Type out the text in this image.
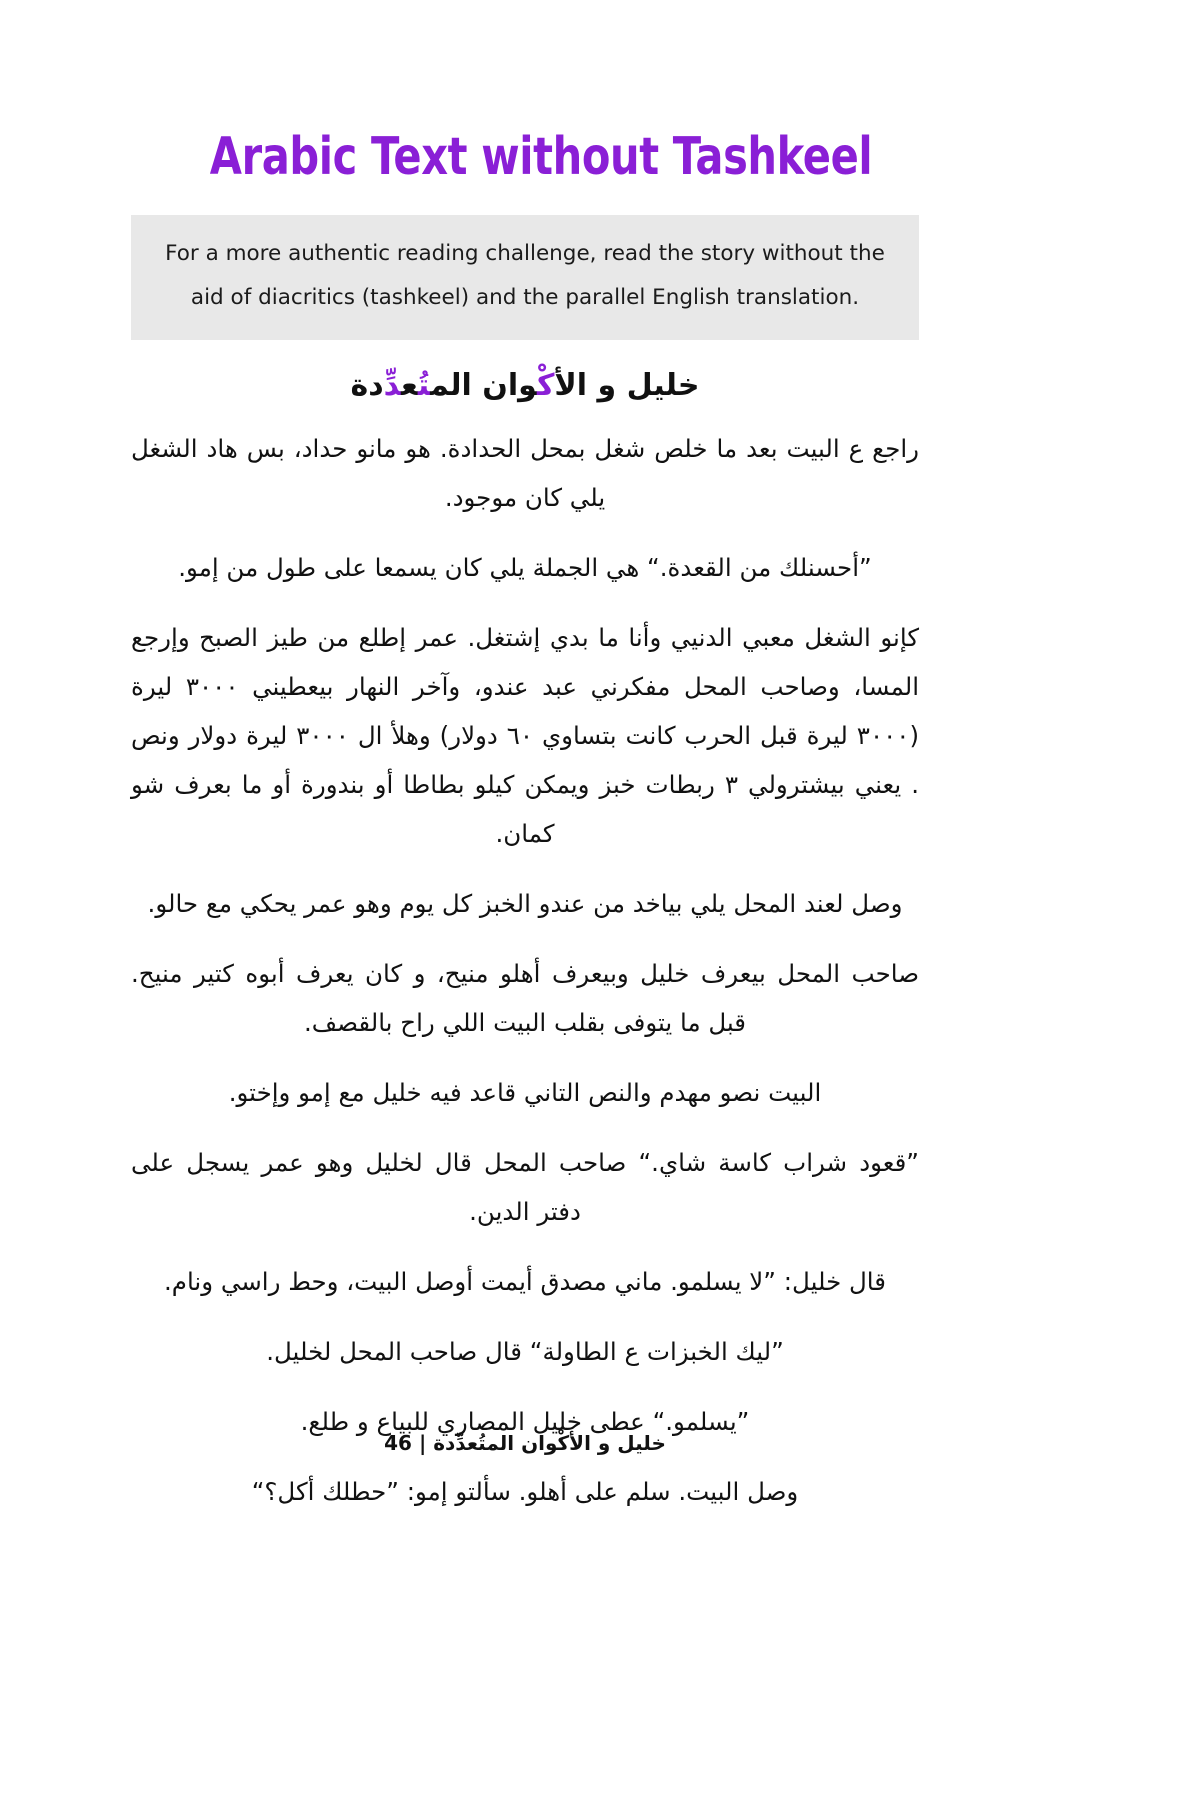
Arabic Text without Tashkeel

For a more authentic reading challenge, read the story without the aid of diacritics (tashkeel) and the parallel English translation.

خليل و الأكْوان المتُعدِّدة

راجع ع البيت بعد ما خلص شغل بمحل الحدادة. هو مانو حداد، بس هاد الشغل يلي كان موجود.

”أحسنلك من القعدة.“ هي الجملة يلي كان يسمعا على طول من إمو.

كإنو الشغل معبي الدنيي وأنا ما بدي إشتغل. عمر إطلع من طيز الصبح وإرجع المسا، وصاحب المحل مفكرني عبد عندو، وآخر النهار بيعطيني ٣٠٠٠ ليرة (٣٠٠٠ ليرة قبل الحرب كانت بتساوي ٦٠ دولار) وهلأ ال ٣٠٠٠ ليرة دولار ونص . يعني بيشترولي ٣ ربطات خبز ويمكن كيلو بطاطا أو بندورة أو ما بعرف شو كمان.

وصل لعند المحل يلي بياخد من عندو الخبز كل يوم وهو عمر يحكي مع حالو.

صاحب المحل بيعرف خليل وبيعرف أهلو منيح، و كان يعرف أبوه كتير منيح. قبل ما يتوفى بقلب البيت اللي راح بالقصف.

البيت نصو مهدم والنص التاني قاعد فيه خليل مع إمو وإختو.

”قعود شراب كاسة شاي.“ صاحب المحل قال لخليل وهو عمر يسجل على دفتر الدين.

قال خليل: ”لا يسلمو. ماني مصدق أيمت أوصل البيت، وحط راسي ونام.

”ليك الخبزات ع الطاولة“ قال صاحب المحل لخليل.

”يسلمو.“ عطى خليل المصاري للبياع و طلع.

وصل البيت. سلم على أهلو. سألتو إمو: ”حطلك أكل؟“

خليل و الأكْوان المتُعدِّدة | 46
